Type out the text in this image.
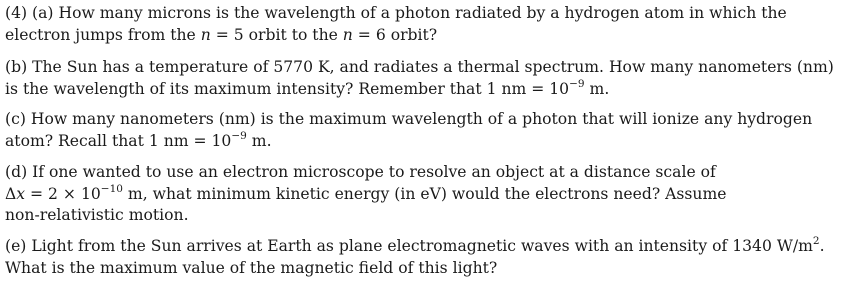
(4) (a) How many microns is the wavelength of a photon radiated by a hydrogen atom in which the
electron jumps from the n = 5 orbit to the n = 6 orbit?
(b) The Sun has a temperature of 5770 K, and radiates a thermal spectrum. How many nanometers (nm)
is the wavelength of its maximum intensity? Remember that 1 nm = $10^{-9}$ m.
(c) How many nanometers (nm) is the maximum wavelength of a photon that will ionize any hydrogen
atom? Recall that 1 nm = $10^{-9}$ m.
(d) If one wanted to use an electron microscope to resolve an object at a distance scale of
$\Delta x = 2 \times 10^{-10}$ m, what minimum kinetic energy (in eV) would the electrons need? Assume
non-relativistic motion.
(e) Light from the Sun arrives at Earth as plane electromagnetic waves with an intensity of 1340 $W/m^2$.
What is the maximum value of the magnetic field of this light?
